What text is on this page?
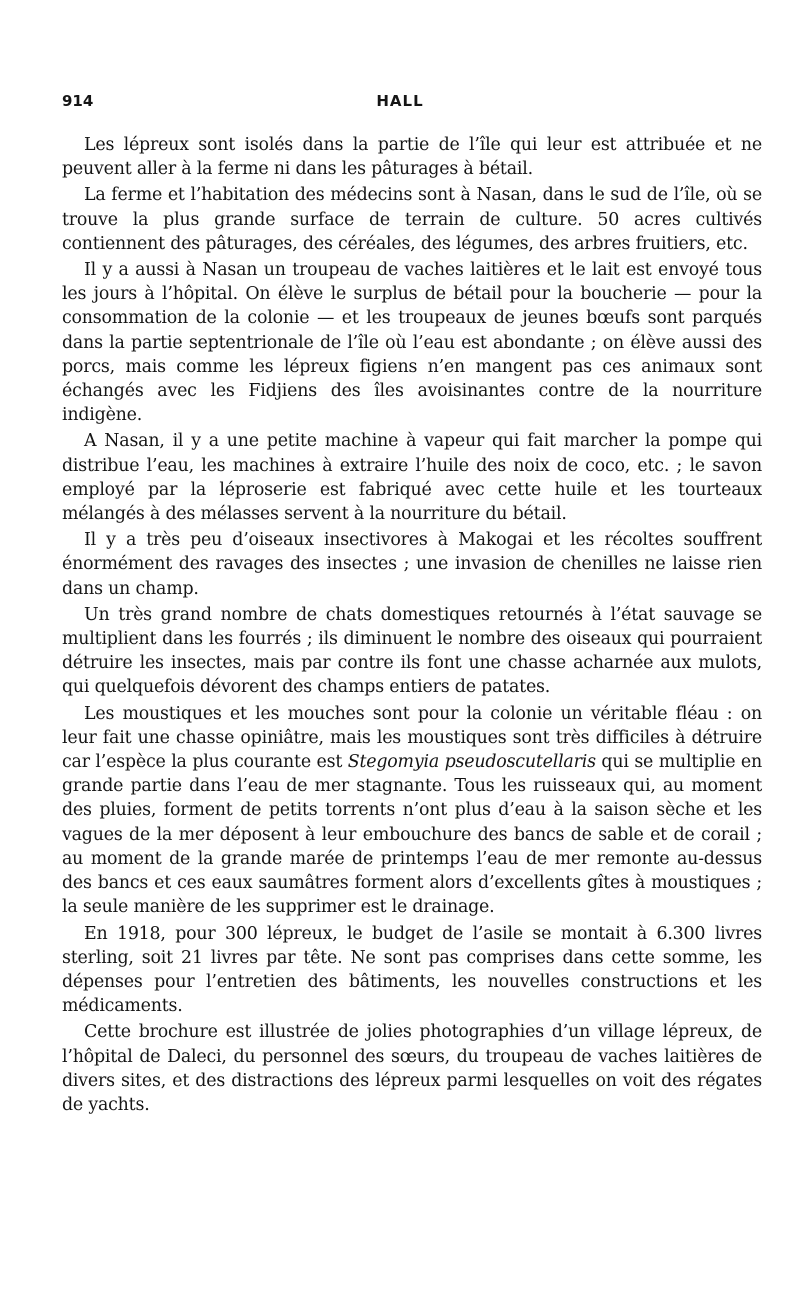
914	HALL

Les lépreux sont isolés dans la partie de l’île qui leur est attribuée et ne peuvent aller à la ferme ni dans les pâturages à bétail.

La ferme et l’habitation des médecins sont à Nasan, dans le sud de l’île, où se trouve la plus grande surface de terrain de culture. 50 acres cultivés contiennent des pâturages, des céréales, des légumes, des arbres fruitiers, etc.

Il y a aussi à Nasan un troupeau de vaches laitières et le lait est envoyé tous les jours à l’hôpital. On élève le surplus de bétail pour la boucherie — pour la consommation de la colonie — et les troupeaux de jeunes bœufs sont parqués dans la partie septentrionale de l’île où l’eau est abondante ; on élève aussi des porcs, mais comme les lépreux figiens n’en mangent pas ces animaux sont échangés avec les Fidjiens des îles avoisinantes contre de la nourriture indigène.

A Nasan, il y a une petite machine à vapeur qui fait marcher la pompe qui distribue l’eau, les machines à extraire l’huile des noix de coco, etc. ; le savon employé par la léproserie est fabriqué avec cette huile et les tourteaux mélangés à des mélasses servent à la nourriture du bétail.

Il y a très peu d’oiseaux insectivores à Makogai et les récoltes souffrent énormément des ravages des insectes ; une invasion de chenilles ne laisse rien dans un champ.

Un très grand nombre de chats domestiques retournés à l’état sauvage se multiplient dans les fourrés ; ils diminuent le nombre des oiseaux qui pourraient détruire les insectes, mais par contre ils font une chasse acharnée aux mulots, qui quelquefois dévorent des champs entiers de patates.

Les moustiques et les mouches sont pour la colonie un véritable fléau : on leur fait une chasse opiniâtre, mais les moustiques sont très difficiles à détruire car l’espèce la plus courante est Stegomyia pseudoscutellaris qui se multiplie en grande partie dans l’eau de mer stagnante. Tous les ruisseaux qui, au moment des pluies, forment de petits torrents n’ont plus d’eau à la saison sèche et les vagues de la mer déposent à leur embouchure des bancs de sable et de corail ; au moment de la grande marée de printemps l’eau de mer remonte au-dessus des bancs et ces eaux saumâtres forment alors d’excellents gîtes à moustiques ; la seule manière de les supprimer est le drainage.

En 1918, pour 300 lépreux, le budget de l’asile se montait à 6.300 livres sterling, soit 21 livres par tête. Ne sont pas comprises dans cette somme, les dépenses pour l’entretien des bâtiments, les nouvelles constructions et les médicaments.

Cette brochure est illustrée de jolies photographies d’un village lépreux, de l’hôpital de Daleci, du personnel des sœurs, du troupeau de vaches laitières de divers sites, et des distractions des lépreux parmi lesquelles on voit des régates de yachts.
